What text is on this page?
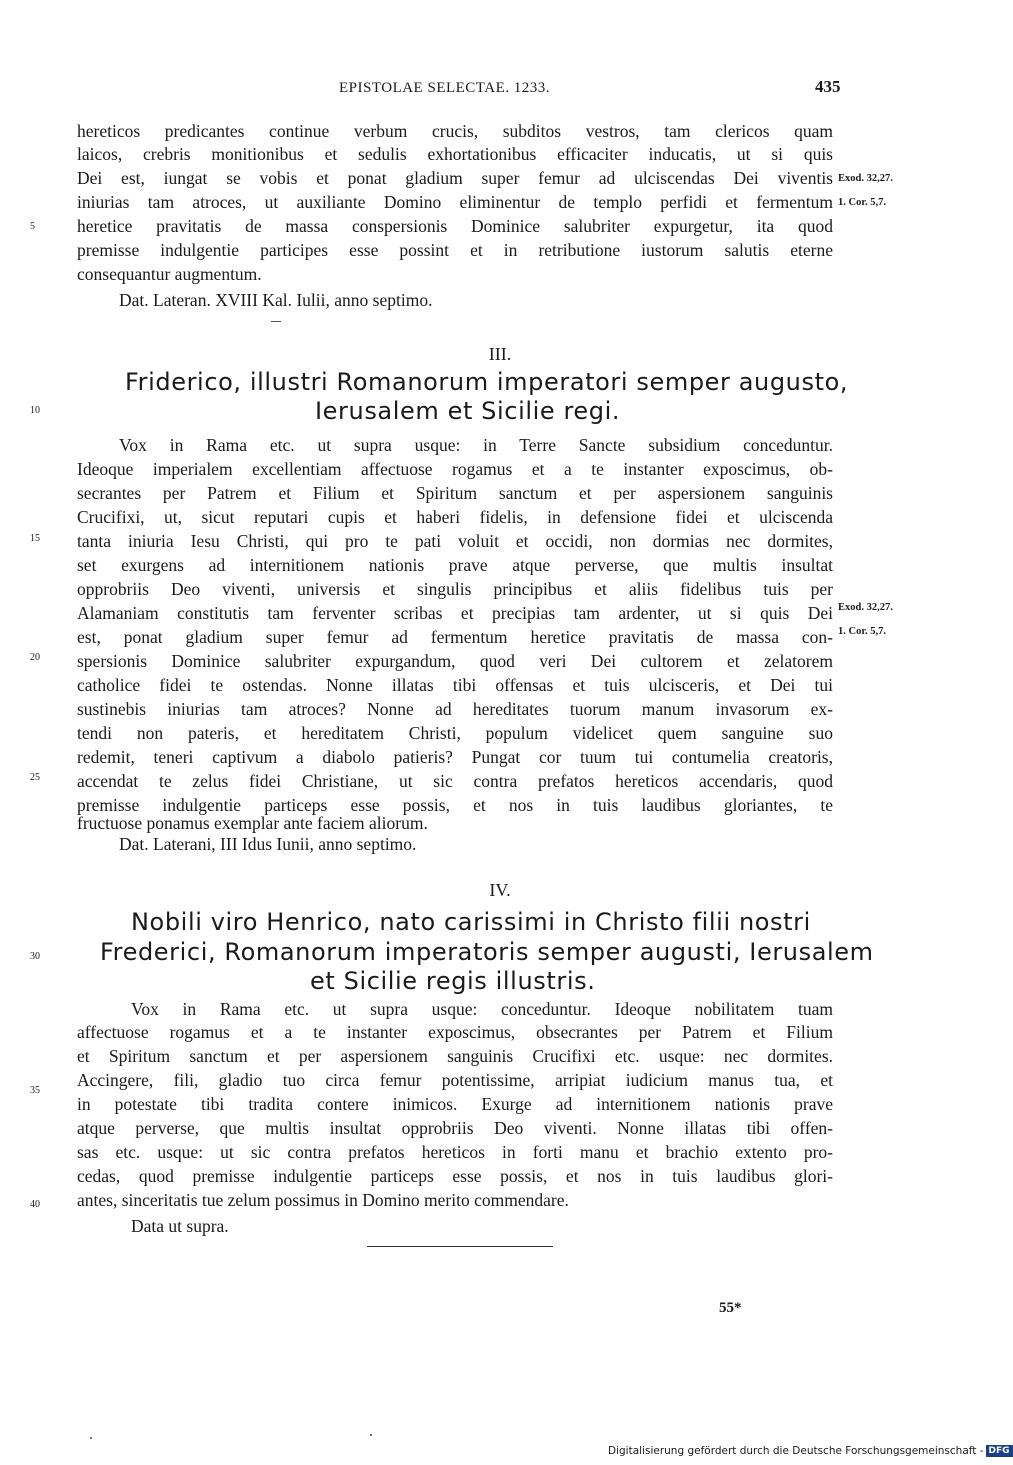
EPISTOLAE SELECTAE. 1233.	435
hereticos predicantes continue verbum crucis, subditos vestros, tam clericos quam
laicos, crebris monitionibus et sedulis exhortationibus efficaciter inducatis, ut si quis
Dei est, iungat se vobis et ponat gladium super femur ad ulciscendas Dei viventis
iniurias tam atroces, ut auxiliante Domino eliminentur de templo perfidi et fermentum
heretice pravitatis de massa conspersionis Dominice salubriter expurgetur, ita quod
premisse indulgentie participes esse possint et in retributione iustorum salutis eterne
consequantur augmentum.
Vox in Rama etc. ut supra usque: in Terre Sancte subsidium conceduntur.
Ideoque imperialem excellentiam affectuose rogamus et a te instanter exposcimus, ob-
secrantes per Patrem et Filium et Spiritum sanctum et per aspersionem sanguinis
Crucifixi, ut, sicut reputari cupis et haberi fidelis, in defensione fidei et ulciscenda
tanta iniuria Iesu Christi, qui pro te pati voluit et occidi, non dormias nec dormites,
set exurgens ad internitionem nationis prave atque perverse, que multis insultat
opprobriis Deo viventi, universis et singulis principibus et aliis fidelibus tuis per
Alamaniam constitutis tam ferventer scribas et precipias tam ardenter, ut si quis Dei
est, ponat gladium super femur ad fermentum heretice pravitatis de massa con-
spersionis Dominice salubriter expurgandum, quod veri Dei cultorem et zelatorem
catholice fidei te ostendas. Nonne illatas tibi offensas et tuis ulcisceris, et Dei tui
sustinebis iniurias tam atroces? Nonne ad hereditates tuorum manum invasorum ex-
tendi non pateris, et hereditatem Christi, populum videlicet quem sanguine suo
redemit, teneri captivum a diabolo patieris? Pungat cor tuum tui contumelia creatoris,
accendat te zelus fidei Christiane, ut sic contra prefatos hereticos accendaris, quod
premisse indulgentie particeps esse possis, et nos in tuis laudibus gloriantes, te
fructuose ponamus exemplar ante faciem aliorum.
Vox in Rama etc. ut supra usque: conceduntur. Ideoque nobilitatem tuam
affectuose rogamus et a te instanter exposcimus, obsecrantes per Patrem et Filium
et Spiritum sanctum et per aspersionem sanguinis Crucifixi etc. usque: nec dormites.
Accingere, fili, gladio tuo circa femur potentissime, arripiat iudicium manus tua, et
in potestate tibi tradita contere inimicos. Exurge ad internitionem nationis prave
atque perverse, que multis insultat opprobriis Deo viventi. Nonne illatas tibi offen-
sas etc. usque: ut sic contra prefatos hereticos in forti manu et brachio extento pro-
cedas, quod premisse indulgentie particeps esse possis, et nos in tuis laudibus glori-
antes, sinceritatis tue zelum possimus in Domino merito commendare.
Dat. Lateran. XVIII Kal. Iulii, anno septimo.
III.
Friderico, illustri Romanorum imperatori semper augusto,
Ierusalem et Sicilie regi.
Dat. Laterani, III Idus Iunii, anno septimo.
IV.
Nobili viro Henrico, nato carissimi in Christo filii nostri
Frederici, Romanorum imperatoris semper augusti, Ierusalem
et Sicilie regis illustris.
Data ut supra.
55*
Digitalisierung gefördert durch die Deutsche Forschungsgemeinschaft - DFG
5
10
15
20
25
30
35
40
Exod. 32,27.
1. Cor. 5,7.
Exod. 32,27.
1. Cor. 5,7.
